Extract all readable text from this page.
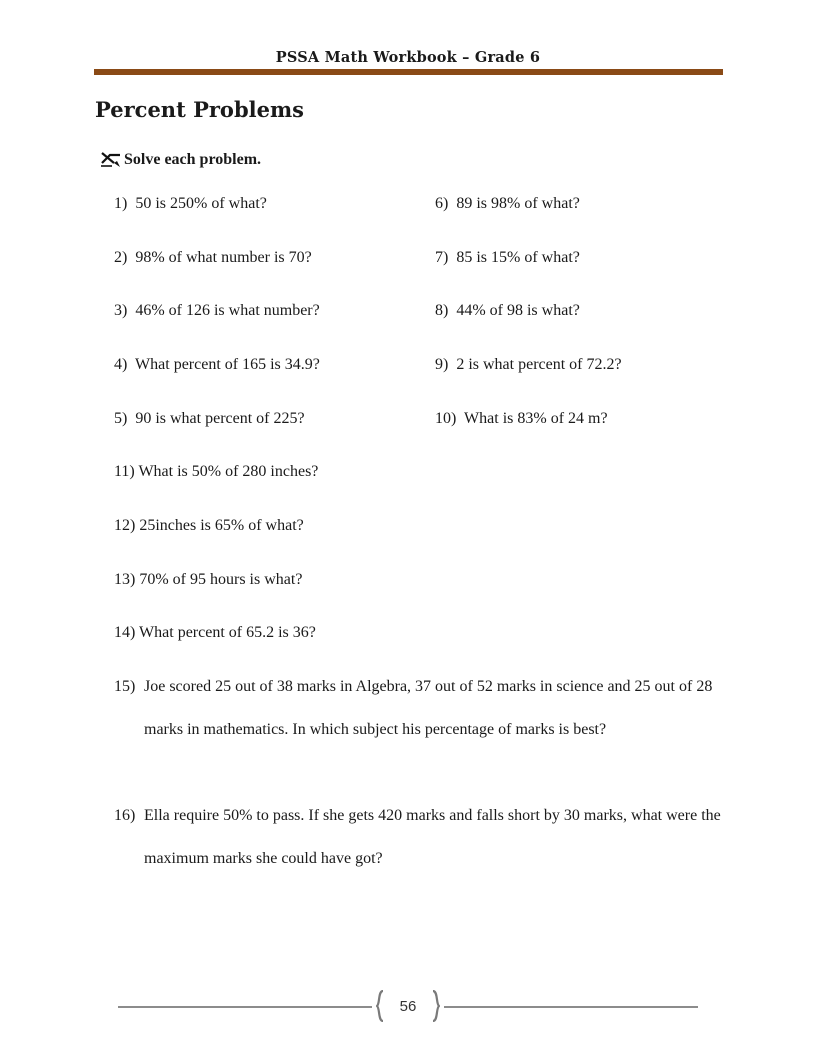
PSSA Math Workbook – Grade 6
Percent Problems
Solve each problem.
1) 50 is 250% of what?
2) 98% of what number is 70?
3) 46% of 126 is what number?
4) What percent of 165 is 34.9?
5) 90 is what percent of 225?
6) 89 is 98% of what?
7) 85 is 15% of what?
8) 44% of 98 is what?
9) 2 is what percent of 72.2?
10) What is 83% of 24 m?
11) What is 50% of 280 inches?
12) 25inches is 65% of what?
13) 70% of 95 hours is what?
14) What percent of 65.2 is 36?
15) Joe scored 25 out of 38 marks in Algebra, 37 out of 52 marks in science and 25 out of 28 marks in mathematics. In which subject his percentage of marks is best?
16) Ella require 50% to pass. If she gets 420 marks and falls short by 30 marks, what were the maximum marks she could have got?
56
